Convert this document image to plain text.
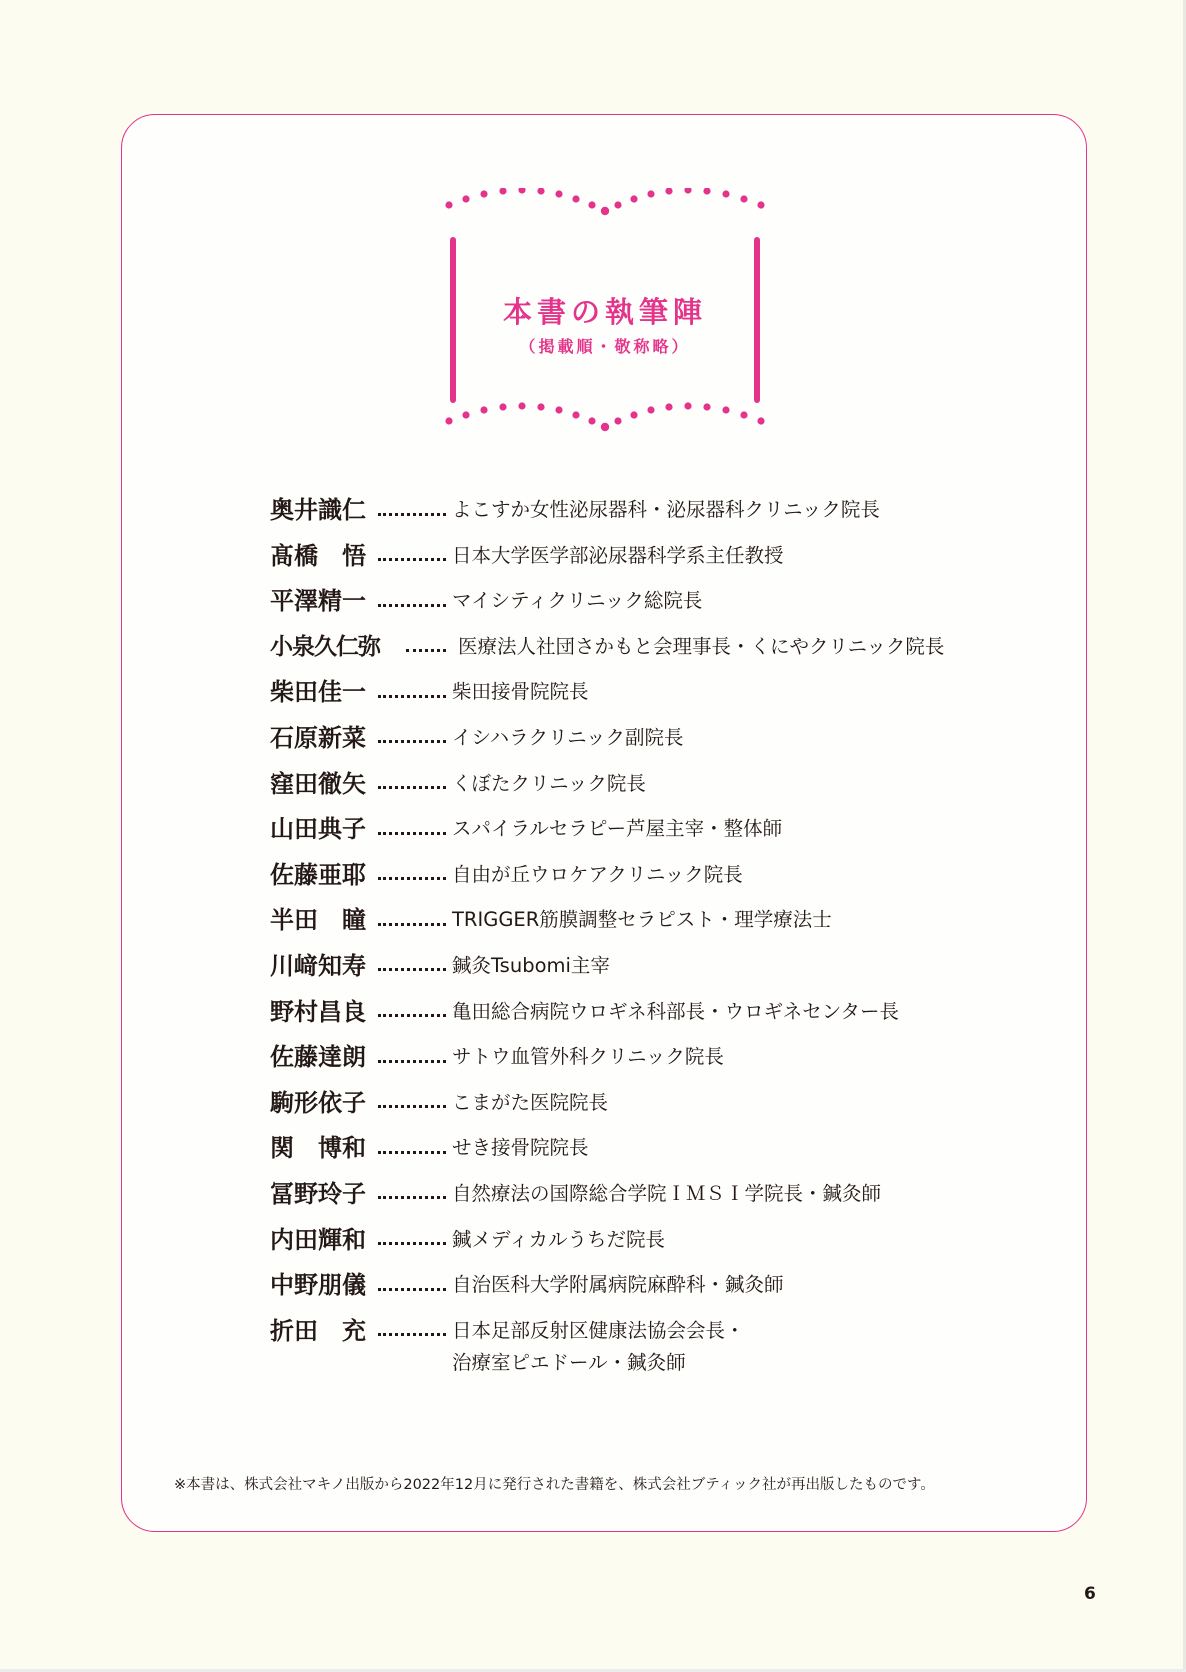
本書の執筆陣
（掲載順・敬称略）
奥井識仁	よこすか女性泌尿器科・泌尿器科クリニック院長
髙橋　悟	日本大学医学部泌尿器科学系主任教授
平澤精一	マイシティクリニック総院長
小泉久仁弥	医療法人社団さかもと会理事長・くにやクリニック院長
柴田佳一	柴田接骨院院長
石原新菜	イシハラクリニック副院長
窪田徹矢	くぼたクリニック院長
山田典子	スパイラルセラピー芦屋主宰・整体師
佐藤亜耶	自由が丘ウロケアクリニック院長
半田　瞳	TRIGGER筋膜調整セラピスト・理学療法士
川﨑知寿	鍼灸Tsubomi主宰
野村昌良	亀田総合病院ウロギネ科部長・ウロギネセンター長
佐藤達朗	サトウ血管外科クリニック院長
駒形依子	こまがた医院院長
関　博和	せき接骨院院長
冨野玲子	自然療法の国際総合学院ＩＭＳＩ学院長・鍼灸師
内田輝和	鍼メディカルうちだ院長
中野朋儀	自治医科大学附属病院麻酔科・鍼灸師
折田　充	日本足部反射区健康法協会会長・
治療室ピエドール・鍼灸師
※本書は、株式会社マキノ出版から2022年12月に発行された書籍を、株式会社ブティック社が再出版したものです。
6
